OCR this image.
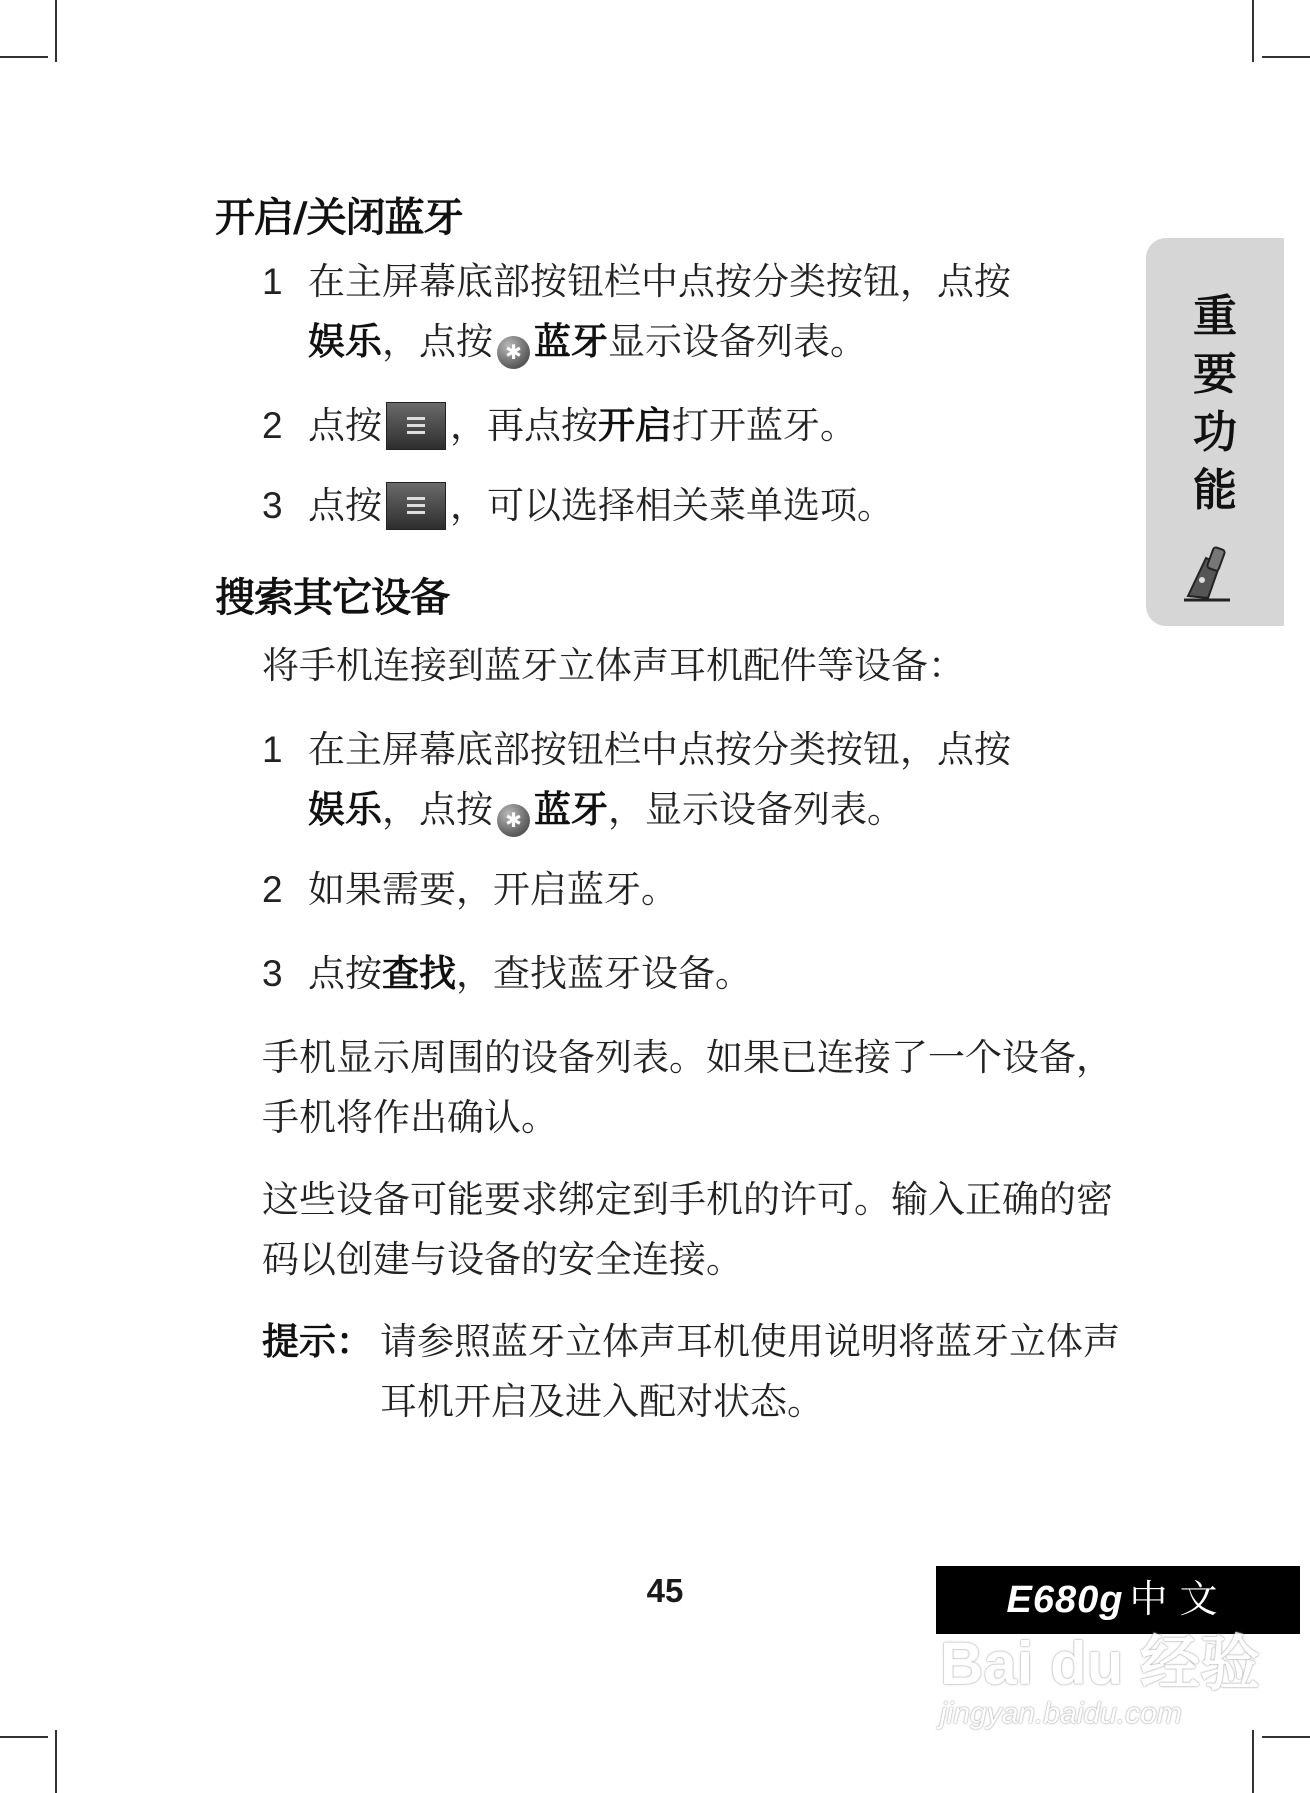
开启/关闭蓝牙
1 在主屏幕底部按钮栏中点按分类按钮，点按
娱乐，点按 ✱ 蓝牙显示设备列表。
2 点按 ，再点按开启打开蓝牙。
3 点按 ，可以选择相关菜单选项。
搜索其它设备

将手机连接到蓝牙立体声耳机配件等设备：

1 在主屏幕底部按钮栏中点按分类按钮，点按
娱乐，点按 ✱ 蓝牙，显示设备列表。
2 如果需要，开启蓝牙。
3 点按查找，查找蓝牙设备。

手机显示周围的设备列表。如果已连接了一个设备，手机将作出确认。

这些设备可能要求绑定到手机的许可。输入正确的密码以创建与设备的安全连接。

提示： 请参照蓝牙立体声耳机使用说明将蓝牙立体声耳机开启及进入配对状态。
重要功能
45	E680g 中文
Bai du 经验
jingyan.baidu.com
